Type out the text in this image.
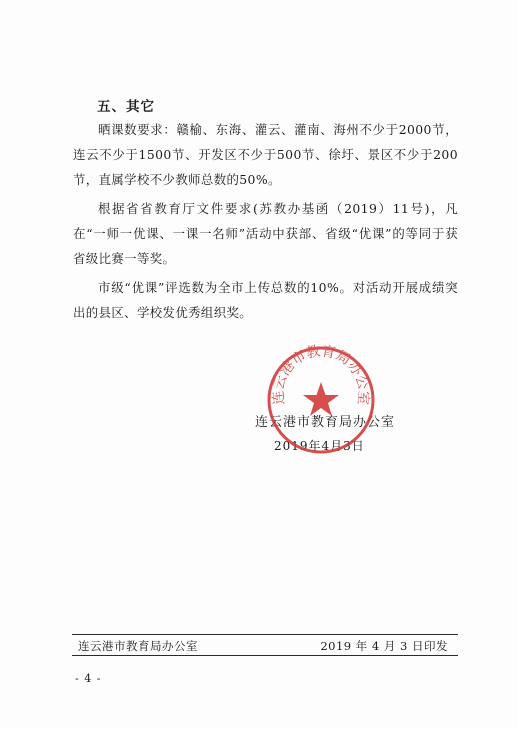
五、其它
晒课数要求：赣榆、东海、灌云、灌南、海州不少于2000节，连云不少于1500节、开发区不少于500节、徐圩、景区不少于200节，直属学校不少教师总数的50%。
根据省省教育厅文件要求(苏教办基函（2019）11号)，凡在“一师一优课、一课一名师”活动中获部、省级“优课”的等同于获省级比赛一等奖。
市级“优课”评选数为全市上传总数的10%。对活动开展成绩突出的县区、学校发优秀组织奖。
连云港市教育局办公室
2019年4月3日
连云港市教育局办公室
连云港市教育局办公室	2019 年 4 月 3 日印发
- 4 -
